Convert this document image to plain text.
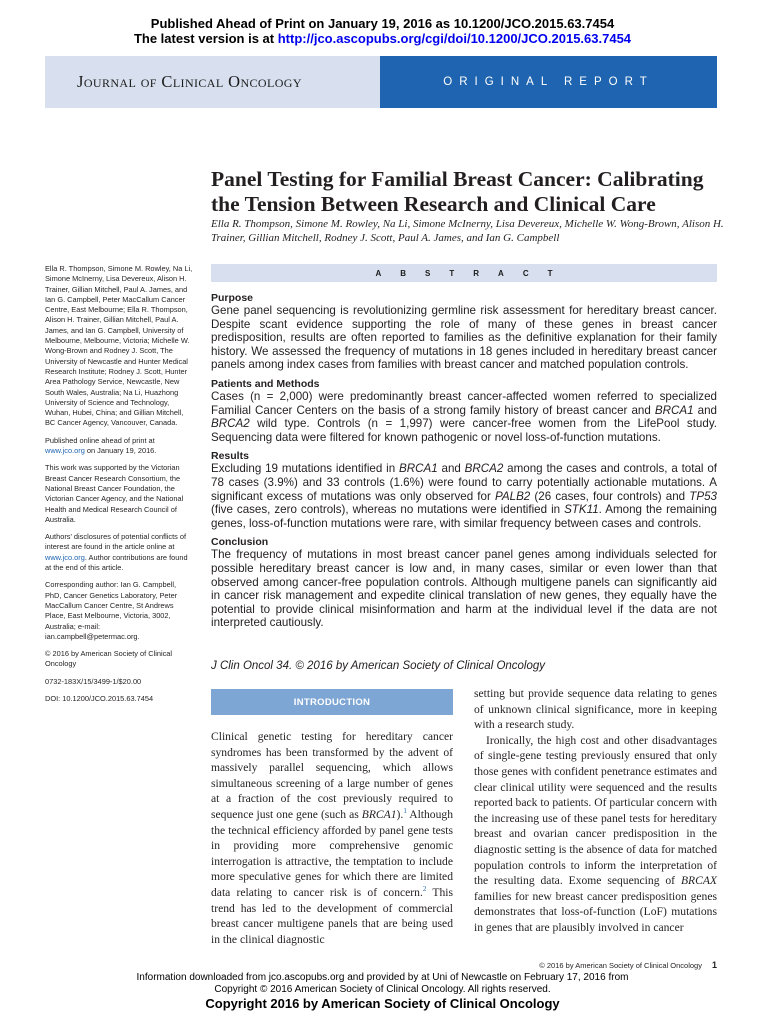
Published Ahead of Print on January 19, 2016 as 10.1200/JCO.2015.63.7454
The latest version is at http://jco.ascopubs.org/cgi/doi/10.1200/JCO.2015.63.7454
Journal of Clinical Oncology	ORIGINAL REPORT
Panel Testing for Familial Breast Cancer: Calibrating the Tension Between Research and Clinical Care
Ella R. Thompson, Simone M. Rowley, Na Li, Simone McInerny, Lisa Devereux, Michelle W. Wong-Brown, Alison H. Trainer, Gillian Mitchell, Rodney J. Scott, Paul A. James, and Ian G. Campbell

Ella R. Thompson, Simone M. Rowley, Na Li, Simone McInerny, Lisa Devereux, Alison H. Trainer, Gillian Mitchell, Paul A. James, and Ian G. Campbell, Peter MacCallum Cancer Centre, East Melbourne; Ella R. Thompson, Alison H. Trainer, Gillian Mitchell, Paul A. James, and Ian G. Campbell, University of Melbourne, Melbourne, Victoria; Michelle W. Wong-Brown and Rodney J. Scott, The University of Newcastle and Hunter Medical Research Institute; Rodney J. Scott, Hunter Area Pathology Service, Newcastle, New South Wales, Australia; Na Li, Huazhong University of Science and Technology, Wuhan, Hubei, China; and Gillian Mitchell, BC Cancer Agency, Vancouver, Canada.

Published online ahead of print at www.jco.org on January 19, 2016.

This work was supported by the Victorian Breast Cancer Research Consortium, the National Breast Cancer Foundation, the Victorian Cancer Agency, and the National Health and Medical Research Council of Australia.

Authors' disclosures of potential conflicts of interest are found in the article online at www.jco.org. Author contributions are found at the end of this article.

Corresponding author: Ian G. Campbell, PhD, Cancer Genetics Laboratory, Peter MacCallum Cancer Centre, St Andrews Place, East Melbourne, Victoria, 3002, Australia; e-mail: ian.campbell@petermac.org.

© 2016 by American Society of Clinical Oncology

0732-183X/15/3499-1/$20.00

DOI: 10.1200/JCO.2015.63.7454

ABSTRACT
Purpose

Gene panel sequencing is revolutionizing germline risk assessment for hereditary breast cancer. Despite scant evidence supporting the role of many of these genes in breast cancer predisposition, results are often reported to families as the definitive explanation for their family history. We assessed the frequency of mutations in 18 genes included in hereditary breast cancer panels among index cases from families with breast cancer and matched population controls.

Patients and Methods

Cases (n = 2,000) were predominantly breast cancer-affected women referred to specialized Familial Cancer Centers on the basis of a strong family history of breast cancer and BRCA1 and BRCA2 wild type. Controls (n = 1,997) were cancer-free women from the LifePool study. Sequencing data were filtered for known pathogenic or novel loss-of-function mutations.

Results

Excluding 19 mutations identified in BRCA1 and BRCA2 among the cases and controls, a total of 78 cases (3.9%) and 33 controls (1.6%) were found to carry potentially actionable mutations. A significant excess of mutations was only observed for PALB2 (26 cases, four controls) and TP53 (five cases, zero controls), whereas no mutations were identified in STK11. Among the remaining genes, loss-of-function mutations were rare, with similar frequency between cases and controls.

Conclusion

The frequency of mutations in most breast cancer panel genes among individuals selected for possible hereditary breast cancer is low and, in many cases, similar or even lower than that observed among cancer-free population controls. Although multigene panels can significantly aid in cancer risk management and expedite clinical translation of new genes, they equally have the potential to provide clinical misinformation and harm at the individual level if the data are not interpreted cautiously.

J Clin Oncol 34. © 2016 by American Society of Clinical Oncology
INTRODUCTION
Clinical genetic testing for hereditary cancer syndromes has been transformed by the advent of massively parallel sequencing, which allows simultaneous screening of a large number of genes at a fraction of the cost previously required to sequence just one gene (such as BRCA1).$^1$ Although the technical efficiency afforded by panel gene tests in providing more comprehensive genomic interrogation is attractive, the temptation to include more speculative genes for which there are limited data relating to cancer risk is of concern.$^2$ This trend has led to the development of commercial breast cancer multigene panels that are being used in the clinical diagnostic

setting but provide sequence data relating to genes of unknown clinical significance, more in keeping with a research study.

Ironically, the high cost and other disadvantages of single-gene testing previously ensured that only those genes with confident penetrance estimates and clear clinical utility were sequenced and the results reported back to patients. Of particular concern with the increasing use of these panel tests for hereditary breast and ovarian cancer predisposition in the diagnostic setting is the absence of data for matched population controls to inform the interpretation of the resulting data. Exome sequencing of BRCAX families for new breast cancer predisposition genes demonstrates that loss-of-function (LoF) mutations in genes that are plausibly involved in cancer

© 2016 by American Society of Clinical Oncology 1
Information downloaded from jco.ascopubs.org and provided by at Uni of Newcastle on February 17, 2016 from
Copyright © 2016 American Society of Clinical Oncology. All rights reserved.
Copyright 2016 by American Society of Clinical Oncology
